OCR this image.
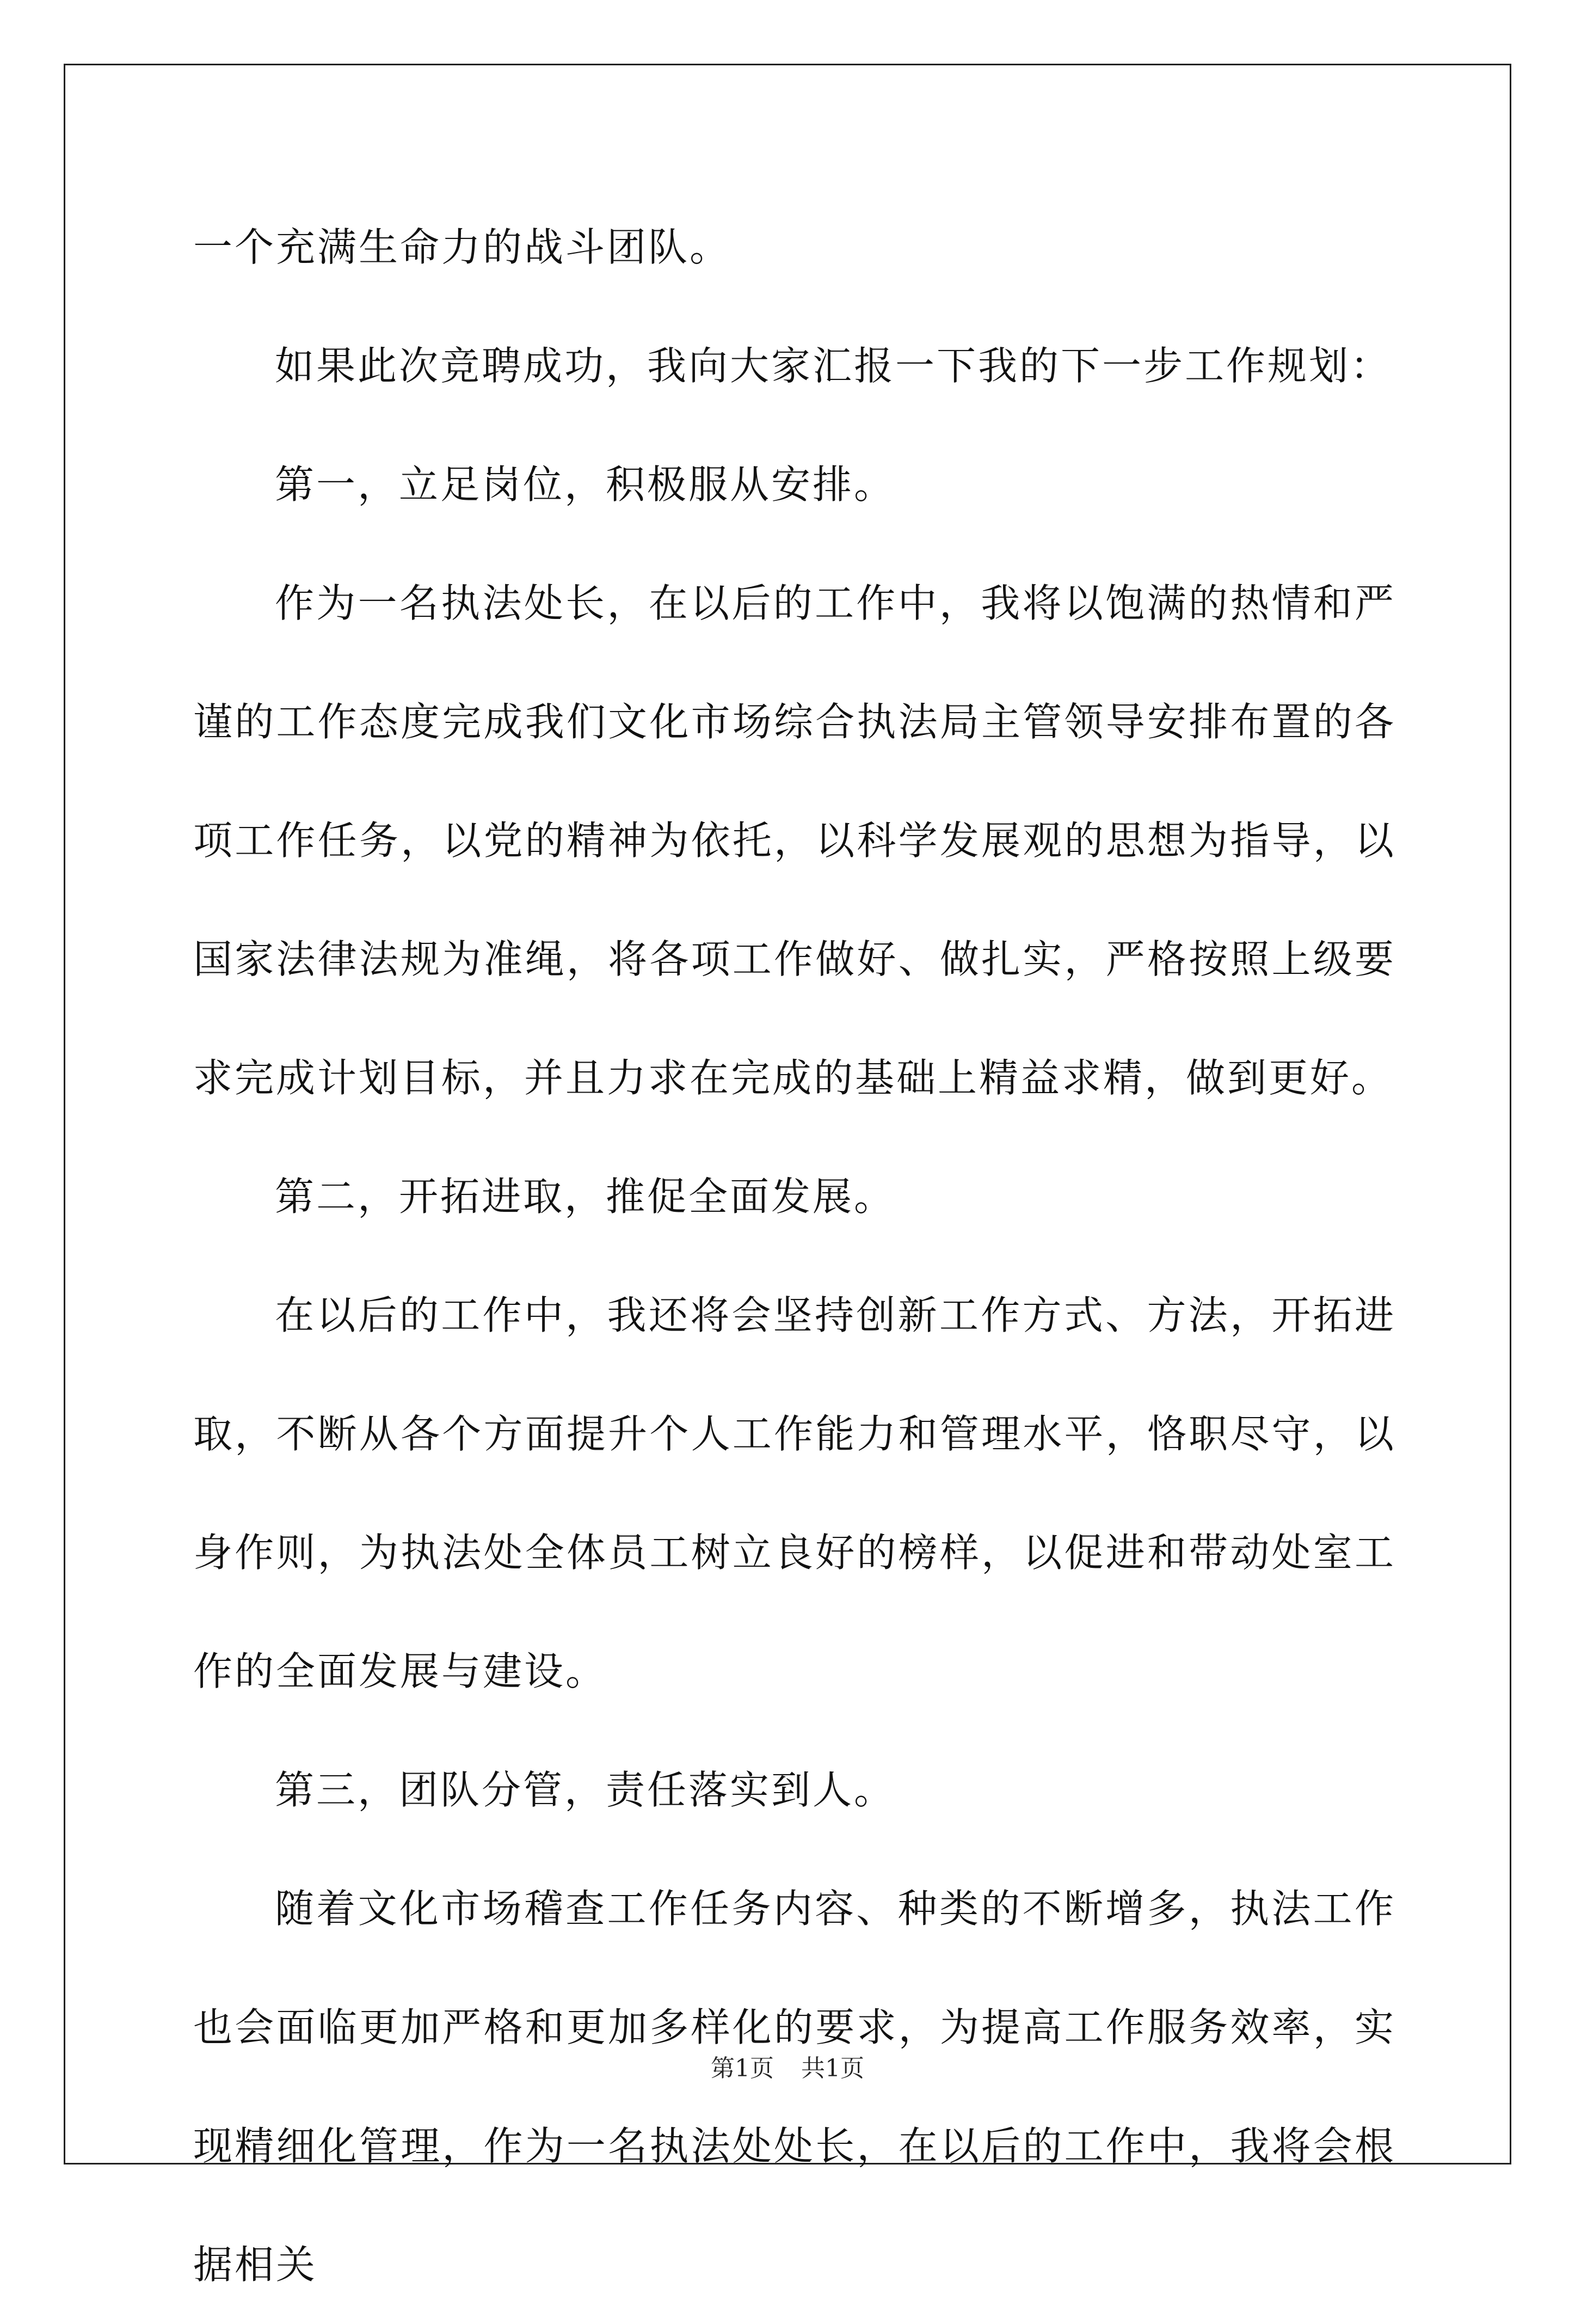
一个充满生命力的战斗团队。

如果此次竞聘成功，我向大家汇报一下我的下一步工作规划：

第一，立足岗位，积极服从安排。

作为一名执法处长，在以后的工作中，我将以饱满的热情和严谨的工作态度完成我们文化市场综合执法局主管领导安排布置的各项工作任务，以党的精神为依托，以科学发展观的思想为指导，以国家法律法规为准绳，将各项工作做好、做扎实，严格按照上级要求完成计划目标，并且力求在完成的基础上精益求精，做到更好。

第二，开拓进取，推促全面发展。

在以后的工作中，我还将会坚持创新工作方式、方法，开拓进取，不断从各个方面提升个人工作能力和管理水平，恪职尽守，以身作则，为执法处全体员工树立良好的榜样，以促进和带动处室工作的全面发展与建设。

第三，团队分管，责任落实到人。

随着文化市场稽查工作任务内容、种类的不断增多，执法工作也会面临更加严格和更加多样化的要求，为提高工作服务效率，实现精细化管理，作为一名执法处处长，在以后的工作中，我将会根据相关

第1页 共1页
